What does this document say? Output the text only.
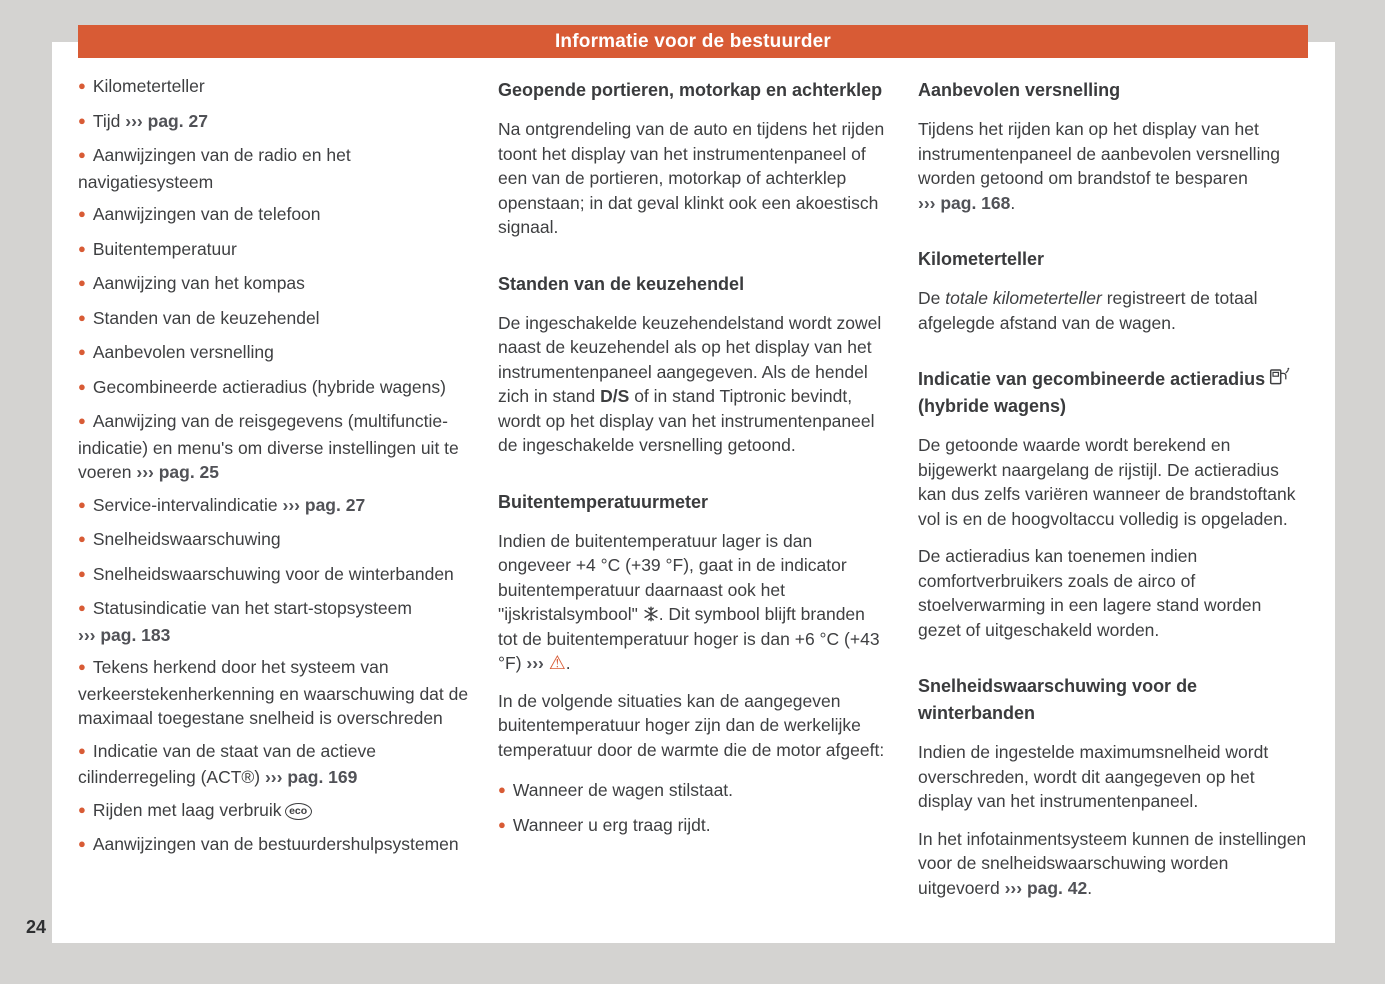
Informatie voor de bestuurder

● Kilometerteller

● Tijd ››› pag. 27

● Aanwijzingen van de radio en het navigatiesysteem

● Aanwijzingen van de telefoon

● Buitentemperatuur

● Aanwijzing van het kompas

● Standen van de keuzehendel

● Aanbevolen versnelling

● Gecombineerde actieradius (hybride wagens)

● Aanwijzing van de reisgegevens (multifunctie-indicatie) en menu's om diverse instellingen uit te voeren ››› pag. 25

● Service-intervalindicatie ››› pag. 27

● Snelheidswaarschuwing

● Snelheidswaarschuwing voor de winterbanden

● Statusindicatie van het start-stopsysteem ››› pag. 183

● Tekens herkend door het systeem van verkeerstekenherkenning en waarschuwing dat de maximaal toegestane snelheid is overschreden

● Indicatie van de staat van de actieve cilinderregeling (ACT®) ››› pag. 169

● Rijden met laag verbruik eco

● Aanwijzingen van de bestuurdershulpsystemen

Geopende portieren, motorkap en achterklep

Na ontgrendeling van de auto en tijdens het rijden toont het display van het instrumentenpaneel of een van de portieren, motorkap of achterklep openstaan; in dat geval klinkt ook een akoestisch signaal.

Standen van de keuzehendel

De ingeschakelde keuzehendelstand wordt zowel naast de keuzehendel als op het display van het instrumentenpaneel aangegeven. Als de hendel zich in stand D/S of in stand Tiptronic bevindt, wordt op het display van het instrumentenpaneel de ingeschakelde versnelling getoond.

Buitentemperatuurmeter

Indien de buitentemperatuur lager is dan ongeveer +4 °C (+39 °F), gaat in de indicator buitentemperatuur daarnaast ook het "ijskristalsymbool" . Dit symbool blijft branden tot de buitentemperatuur hoger is dan +6 °C (+43 °F) ››› ⚠.

In de volgende situaties kan de aangegeven buitentemperatuur hoger zijn dan de werkelijke temperatuur door de warmte die de motor afgeeft:

● Wanneer de wagen stilstaat.

● Wanneer u erg traag rijdt.

Aanbevolen versnelling

Tijdens het rijden kan op het display van het instrumentenpaneel de aanbevolen versnelling worden getoond om brandstof te besparen ››› pag. 168.

Kilometerteller

De totale kilometerteller registreert de totaal afgelegde afstand van de wagen.

Indicatie van gecombineerde actieradius (hybride wagens)

De getoonde waarde wordt berekend en bijgewerkt naargelang de rijstijl. De actieradius kan dus zelfs variëren wanneer de brandstoftank vol is en de hoogvoltaccu volledig is opgeladen.

De actieradius kan toenemen indien comfortverbruikers zoals de airco of stoelverwarming in een lagere stand worden gezet of uitgeschakeld worden.

Snelheidswaarschuwing voor de winterbanden

Indien de ingestelde maximumsnelheid wordt overschreden, wordt dit aangegeven op het display van het instrumentenpaneel.

In het infotainmentsysteem kunnen de instellingen voor de snelheidswaarschuwing worden uitgevoerd ››› pag. 42.

24
